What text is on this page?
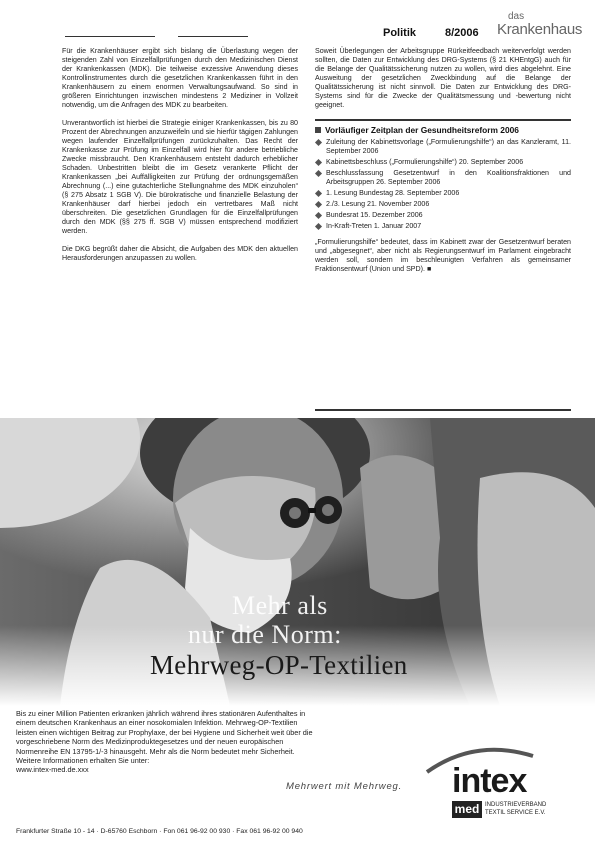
Politik	8/2006
das
Krankenhaus

Für die Krankenhäuser ergibt sich bislang die Überlastung wegen der steigenden Zahl von Einzelfallprüfungen durch den Medizinischen Dienst der Krankenkassen (MDK). Die teilweise exzessive Anwendung dieses Kontrollinstrumentes durch die gesetzlichen Krankenkassen führt in den Krankenhäusern zu einem enormen Verwaltungsaufwand. So sind in größeren Einrichtungen inzwischen mindestens 2 Mediziner in Vollzeit notwendig, um die Anfragen des MDK zu bearbeiten.

Unverantwortlich ist hierbei die Strategie einiger Krankenkassen, bis zu 80 Prozent der Abrechnungen anzuzweifeln und sie hierfür tägigen Zahlungen wegen laufender Einzelfallprüfungen zurückzuhalten. Das Recht der Krankenkasse zur Prüfung im Einzelfall wird hier für andere betriebliche Zwecke missbraucht. Den Krankenhäusern entsteht dadurch erheblicher Schaden. Unbestritten bleibt die im Gesetz verankerte Pflicht der Krankenkassen „bei Auffälligkeiten zur Prüfung der ordnungsgemäßen Abrechnung (...) eine gutachterliche Stellungnahme des MDK einzuholen“ (§ 275 Absatz 1 SGB V). Die bürokratische und finanzielle Belastung der Krankenhäuser darf hierbei jedoch ein vertretbares Maß nicht überschreiten. Die gesetzlichen Grundlagen für die Einzelfallprüfungen durch den MDK (§§ 275 ff. SGB V) müssen entsprechend modifiziert werden.

Die DKG begrüßt daher die Absicht, die Aufgaben des MDK den aktuellen Herausforderungen anzupassen zu wollen.

Soweit Überlegungen der Arbeitsgruppe Rürkeitfeedbach weiterverfolgt werden sollten, die Daten zur Entwicklung des DRG-Systems (§ 21 KHEntgG) auch für die Belange der Qualitätssicherung nutzen zu wollen, wird dies abgelehnt. Eine Ausweitung der gesetzlichen Zweckbindung auf die Belange der Qualitätssicherung ist nicht sinnvoll. Die Daten zur Entwicklung des DRG-Systems sind für die Zwecke der Qualitätsmessung und -bewertung nicht geeignet.

Vorläufiger Zeitplan der Gesundheitsreform 2006
Zuleitung der Kabinettsvorlage („Formulierungshilfe“) an das Kanzleramt, 11. September 2006
Kabinettsbeschluss („Formulierungshilfe“) 20. September 2006
Beschlussfassung Gesetzentwurf in den Koalitionsfraktionen und Arbeitsgruppen 26. September 2006
1. Lesung Bundestag 28. September 2006
2./3. Lesung 21. November 2006
Bundesrat 15. Dezember 2006
In-Kraft-Treten 1. Januar 2007

„Formulierungshilfe“ bedeutet, dass im Kabinett zwar der Gesetzentwurf beraten und „abgesegnet“, aber nicht als Regierungsentwurf im Parlament eingebracht werden soll, sondern im beschleunigten Verfahren als gemeinsamer Fraktionsentwurf (Union und SPD). ■

Mehr als
nur die Norm:
Mehrweg-OP-Textilien
Bis zu einer Million Patienten erkranken jährlich während ihres stationären Aufenthaltes in einem deutschen Krankenhaus an einer nosokomialen Infektion. Mehrweg-OP-Textilien leisten einen wichtigen Beitrag zur Prophylaxe, der bei Hygiene und Sicherheit weit über die vorgeschriebene Norm des Medizinproduktegesetzes und der neuen europäischen Normenreihe EN 13795-1/-3 hinausgeht. Mehr als die Norm bedeutet mehr Sicherheit.
Weitere Informationen erhalten Sie unter:
www.intex-med.de.xxx
Mehrwert mit Mehrweg. intex
med INDUSTRIEVERBAND
TEXTIL SERVICE E.V.
Frankfurter Straße 10 - 14 · D-65760 Eschborn · Fon 061 96-92 00 930 · Fax 061 96-92 00 940
